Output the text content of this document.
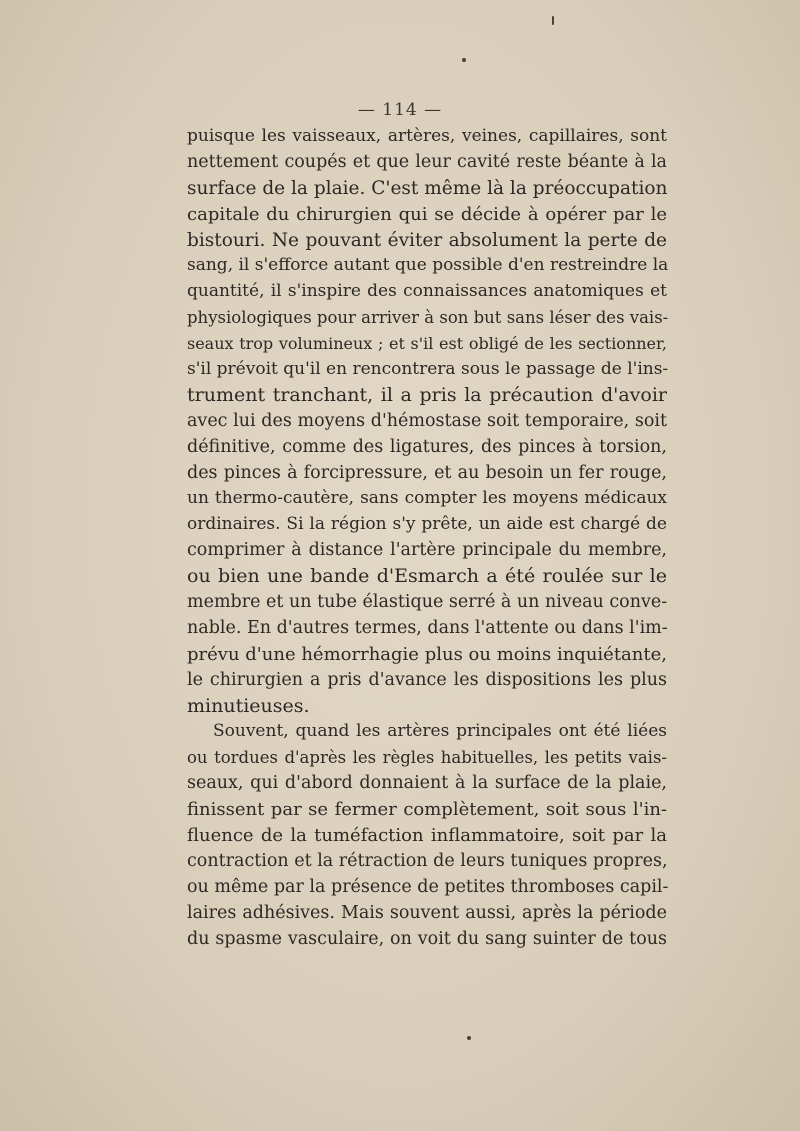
— 114 —

puisque les vaisseaux, artères, veines, capillaires, sont
nettement coupés et que leur cavité reste béante à la
surface de la plaie. C'est même là la préoccupation
capitale du chirurgien qui se décide à opérer par le
bistouri. Ne pouvant éviter absolument la perte de
sang, il s'efforce autant que possible d'en restreindre la
quantité, il s'inspire des connaissances anatomiques et
physiologiques pour arriver à son but sans léser des vais-
seaux trop volumineux ; et s'il est obligé de les sectionner,
s'il prévoit qu'il en rencontrera sous le passage de l'ins-
trument tranchant, il a pris la précaution d'avoir
avec lui des moyens d'hémostase soit temporaire, soit
définitive, comme des ligatures, des pinces à torsion,
des pinces à forcipressure, et au besoin un fer rouge,
un thermo-cautère, sans compter les moyens médicaux
ordinaires. Si la région s'y prête, un aide est chargé de
comprimer à distance l'artère principale du membre,
ou bien une bande d'Esmarch a été roulée sur le
membre et un tube élastique serré à un niveau conve-
nable. En d'autres termes, dans l'attente ou dans l'im-
prévu d'une hémorrhagie plus ou moins inquiétante,
le chirurgien a pris d'avance les dispositions les plus
minutieuses.

Souvent, quand les artères principales ont été liées
ou tordues d'après les règles habituelles, les petits vais-
seaux, qui d'abord donnaient à la surface de la plaie,
finissent par se fermer complètement, soit sous l'in-
fluence de la tuméfaction inflammatoire, soit par la
contraction et la rétraction de leurs tuniques propres,
ou même par la présence de petites thromboses capil-
laires adhésives. Mais souvent aussi, après la période
du spasme vasculaire, on voit du sang suinter de tous
